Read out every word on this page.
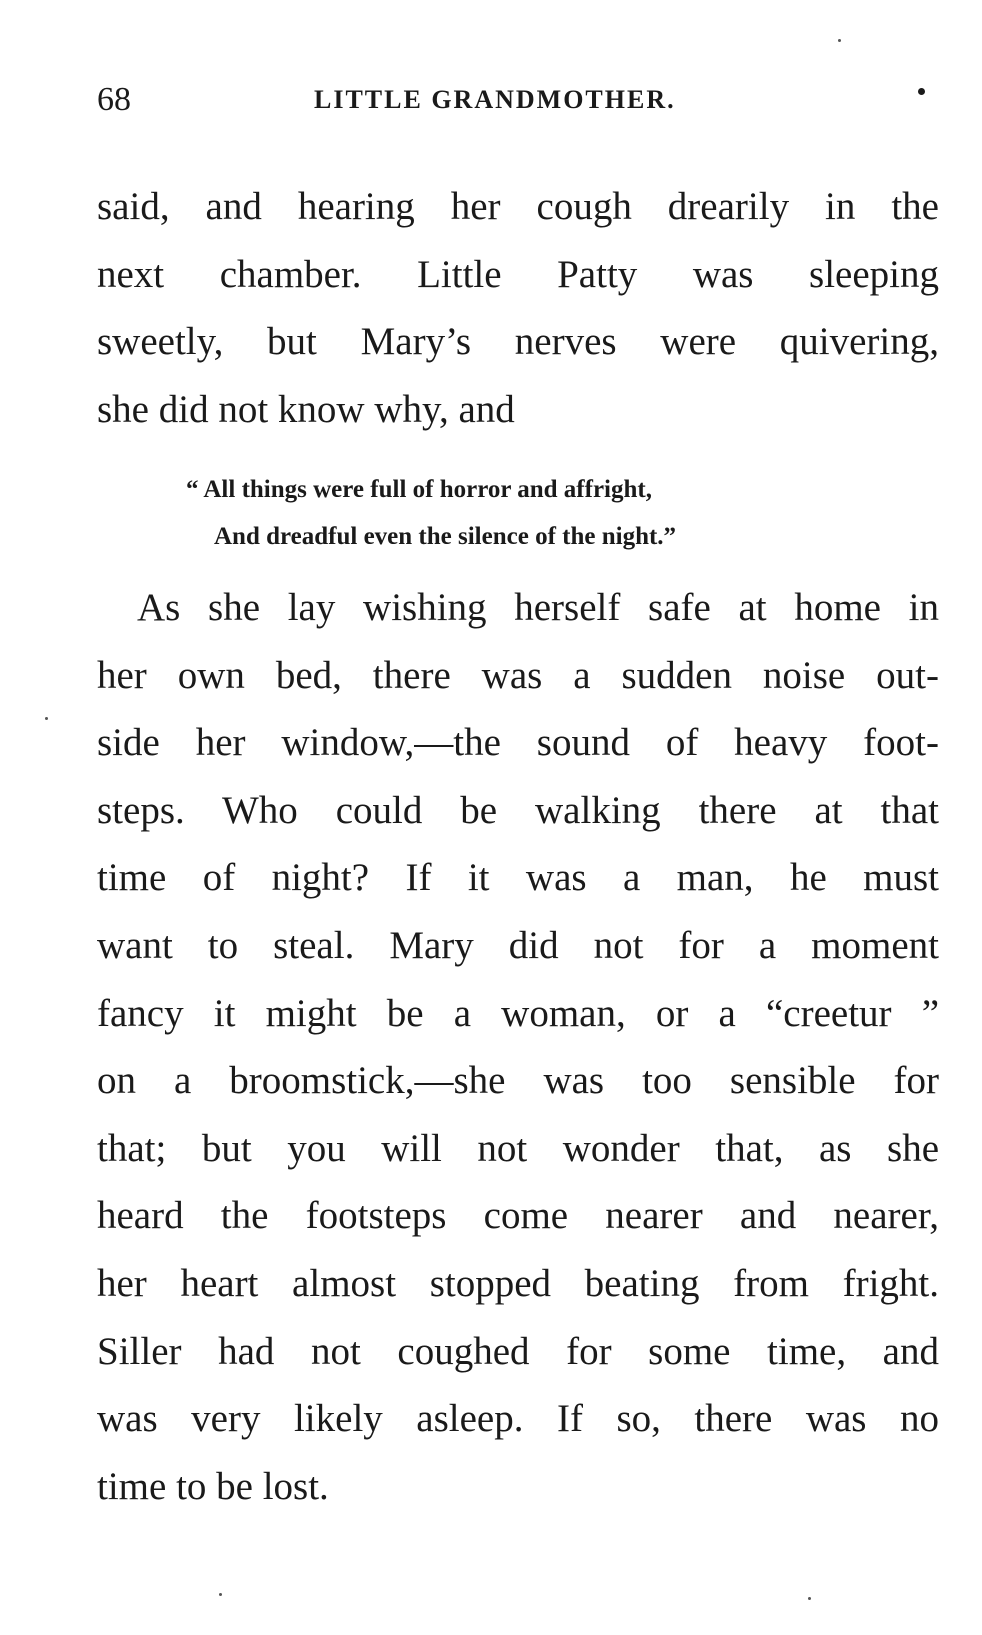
68	LITTLE GRANDMOTHER.
said, and hearing her cough drearily in the
next chamber. Little Patty was sleeping
sweetly, but Mary’s nerves were quivering,
she did not know why, and
“ All things were full of horror and affright,
And dreadful even the silence of the night.”
As she lay wishing herself safe at home in
her own bed, there was a sudden noise out-
side her window,—the sound of heavy foot-
steps. Who could be walking there at that
time of night? If it was a man, he must
want to steal. Mary did not for a moment
fancy it might be a woman, or a “creetur ”
on a broomstick,—she was too sensible for
that; but you will not wonder that, as she
heard the footsteps come nearer and nearer,
her heart almost stopped beating from fright.
Siller had not coughed for some time, and
was very likely asleep. If so, there was no
time to be lost.
